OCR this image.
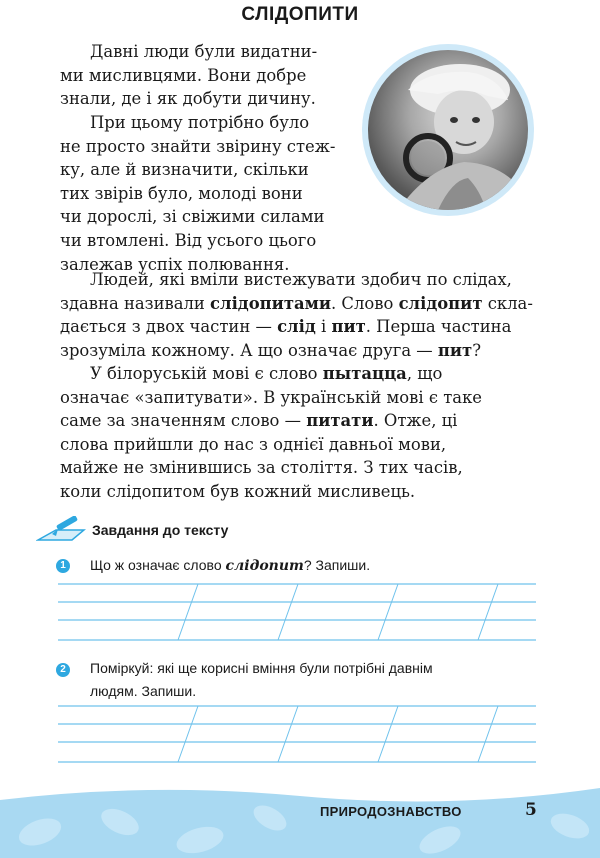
СЛІДОПИТИ
Давні люди були видатни-
ми мисливцями. Вони добре
знали, де і як добути дичину.
При цьому потрібно було
не просто знайти звірину стеж-
ку, але й визначити, скільки
тих звірів було, молоді вони
чи дорослі, зі свіжими силами
чи втомлені. Від усього цього
залежав успіх полювання.
Людей, які вміли вистежувати здобич по слідах,
здавна називали слідопитами. Слово слідопит скла-
дається з двох частин — слід і пит. Перша частина
зрозуміла кожному. А що означає друга — пит?
У білоруській мові є слово пытацца, що
означає «запитувати». В українській мові є таке
саме за значенням слово — питати. Отже, ці
слова прийшли до нас з однієї давньої мови,
майже не змінившись за століття. З тих часів,
коли слідопитом був кожний мисливець.
Завдання до тексту
1	Що ж означає слово слідопит? Запиши.
2	Поміркуй: які ще корисні вміння були потрібні давнім
людям. Запиши.
ПРИРОДОЗНАВСТВО	5
